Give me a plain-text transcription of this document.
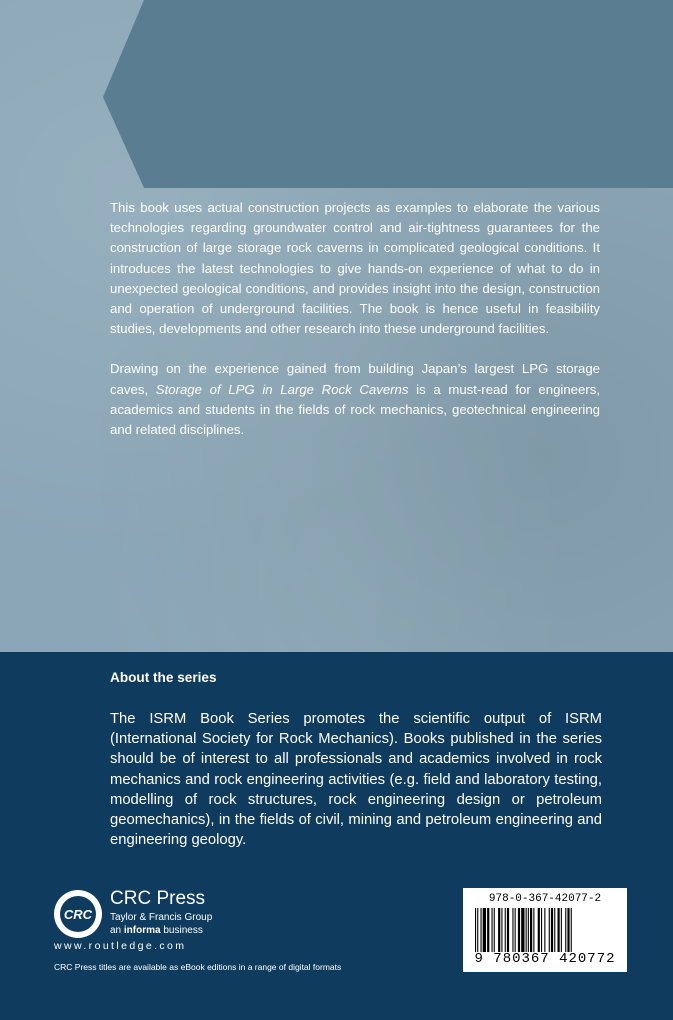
This book uses actual construction projects as examples to elaborate the various technologies regarding groundwater control and air-tightness guarantees for the construction of large storage rock caverns in complicated geological conditions. It introduces the latest technologies to give hands-on experience of what to do in unexpected geological conditions, and provides insight into the design, construction and operation of underground facilities. The book is hence useful in feasibility studies, developments and other research into these underground facilities.

Drawing on the experience gained from building Japan’s largest LPG storage caves, Storage of LPG in Large Rock Caverns is a must-read for engineers, academics and students in the fields of rock mechanics, geotechnical engineering and related disciplines.

About the series
The ISRM Book Series promotes the scientific output of ISRM (International Society for Rock Mechanics). Books published in the series should be of interest to all professionals and academics involved in rock mechanics and rock engineering activities (e.g. field and laboratory testing, modelling of rock structures, rock engineering design or petroleum geomechanics), in the fields of civil, mining and petroleum engineering and engineering geology.
CRC
CRC Press
Taylor & Francis Group
an informa business
www.routledge.com
CRC Press titles are available as eBook editions in a range of digital formats
978-0-367-42077-2
9 780367 420772
